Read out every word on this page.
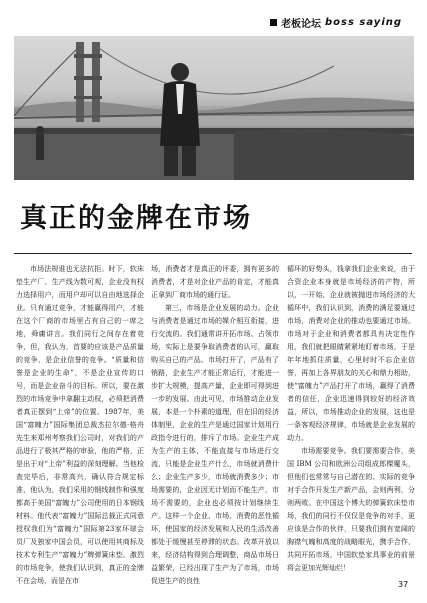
老板论坛 boss saying
真正的金牌在市场

市场法规谁也无法抗拒。时下，软床垫生产厂、生产线为数可观，企业没有权力选择用户，而用户却可以自由地选择企业。只有通过竞争，才能赢得用户，才能在这个厂商的市场里占有自己的一席之地，舜庸讲言。我们同行之间存在着竞争，但，我认为，首要的应该是产品质量的竞争，是企业信誉的竞争。“质量和信誉是企业的生命”，不是企业宣传的口号，而是企业奋斗的目标。所以，要在激烈的市场竞争中拿翻主动权，必须把消费者真正摆到“上帝”的位置。1987年，美国“富魄力”国际集团总裁杰拉尔德·格舟先生来郑州考察我们公司时，对我们的产品进行了极其严格的审验，他的严格，正是出于对“上帝”利益的深刻理解。当他检查完毕后，非常高兴，确认符合规定标准，他认为，我们采用的钢线制作和强度都高于美国“富魄力”公司使用的日本钢线材料。他代表“富魄力”国际总裁正式同意授权我们为“富魄力”国际第23家环球会员厂及独家中国会员，可以使用其商标及技术专利生产“富魄力”牌弹簧床垫。激烈的市场竞争，使我们认识到，真正的金牌不在会场，而是在市

场，消费者才是真正的评委，拥有更多的消费者，才是对企业产品的肯定，才能真正拿到厂商市场的通行证。

第三，市场是企业发展的动力。企业与消费者是通过市场的媒介相互衔接，进行交流的。我们通常讲开拓市场、占领市场，实际上是要争取消费者的认可，赢取购买自己的产品。市场打开了，产品有了销路，企业生产才能正常运行，才能进一步扩大规模，提高产量，企业即可得到进一步的发展。由此可见，市场推动企业发展，本是一个朴素的道理，但在旧的经济体制里，企业的生产是通过国家计划用行政指令进行的，排斥了市场。企业生产成为生产的主体，不能直接与市场进行交流，只能是企业生产什么，市场就消费什么；企业生产多少，市场就消费多少；市场需要的，企业因无计划而不能生产，市场不需要的，企业也必须按计划继续生产。这样一个企业、市场、消费的恶性循环，使国家的经济发展和人民的生活改善都处于缓慢甚至停滞的状态。改革开放以来，经济结构得到合理调整，商品市场日益繁荣，已经出现了生产为了市场，市场促进生产的良性

循环的好势头，钱拿我们企业来说，由于合资企业本身就是市场经济的产物，所以，一开始，企业就被抛进市场经济的大循环中，我们认识到，消费的满足要通过市场，消费对企业的推动也要通过市场。市场对于企业和消费者都具有决定性作用，我们就把眼睛紧紧地盯着市场，于是年年地抓住质量，心里时时不忘企业信誉，再加上各界朋友的关心和鼎力相助，使“富魄力”产品打开了市场，赢得了消费者的信任，企业迅速得到较好的经济效益，所以，市场推动企业的发展，这也是一条客观经济规律，市场就是企业发展的动力。

市场需要竞争。我们要需要合作，美国 IBM 公司和欧洲公司组成郎棵魔头，但他们也常常与自己潜在的、实际的竞争对手合作开发生产新产品，会则两利，分则两败。在中国这个博大的弹簧软床垫市场，我们的同行不仅仅是竞争的对手，更应该是合作的伙伴，只要我们拥有宽阔的胸襟气魄和高度的战略眼光，携手合作，共同开拓市场，中国软垫家具事业的前景将会更加光辉灿烂！

37
